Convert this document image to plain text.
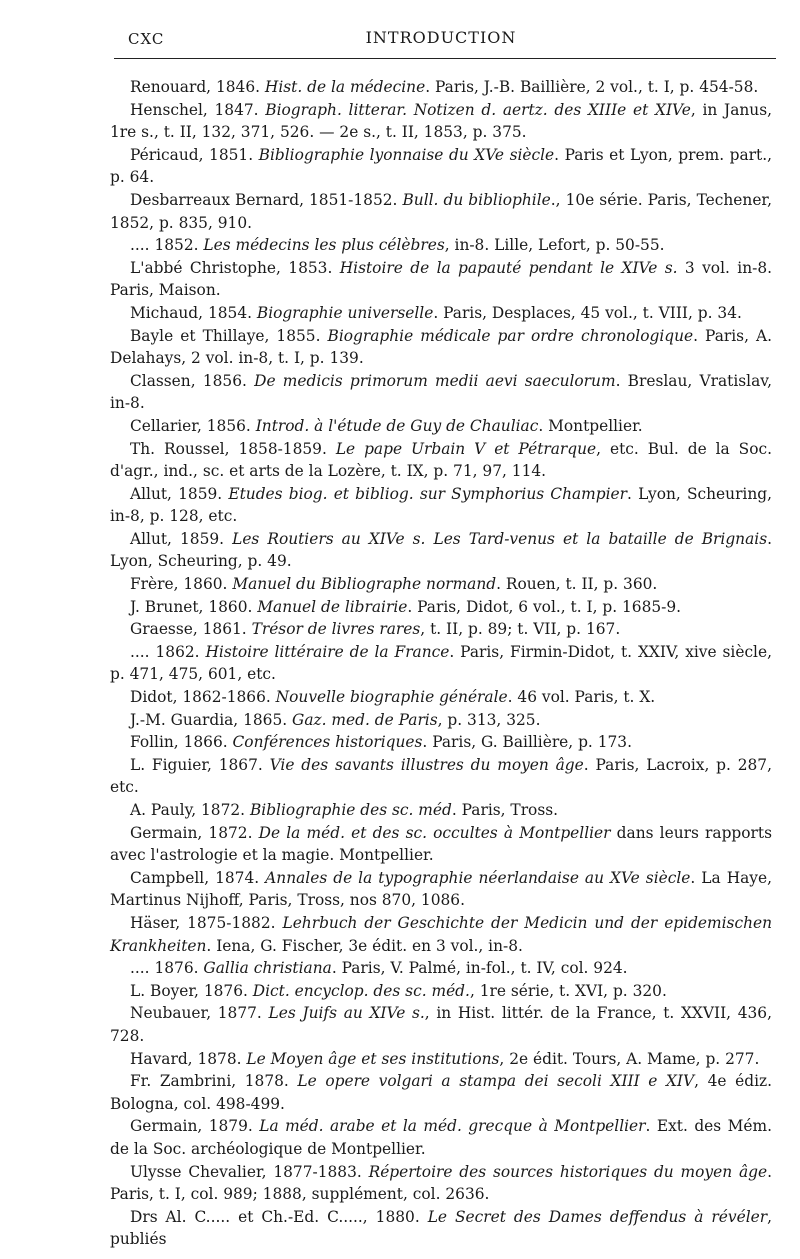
CXC	INTRODUCTION

Renouard, 1846. Hist. de la médecine. Paris, J.-B. Baillière, 2 vol., t. I, p. 454-58.

Henschel, 1847. Biograph. litterar. Notizen d. aertz. des XIIIe et XIVe, in Janus, 1re s., t. II, 132, 371, 526. — 2e s., t. II, 1853, p. 375.

Péricaud, 1851. Bibliographie lyonnaise du XVe siècle. Paris et Lyon, prem. part., p. 64.

Desbarreaux Bernard, 1851-1852. Bull. du bibliophile., 10e série. Paris, Techener, 1852, p. 835, 910.

.... 1852. Les médecins les plus célèbres, in-8. Lille, Lefort, p. 50-55.

L'abbé Christophe, 1853. Histoire de la papauté pendant le XIVe s. 3 vol. in-8. Paris, Maison.

Michaud, 1854. Biographie universelle. Paris, Desplaces, 45 vol., t. VIII, p. 34.

Bayle et Thillaye, 1855. Biographie médicale par ordre chronologique. Paris, A. Delahays, 2 vol. in-8, t. I, p. 139.

Classen, 1856. De medicis primorum medii aevi saeculorum. Breslau, Vratislav, in-8.

Cellarier, 1856. Introd. à l'étude de Guy de Chauliac. Montpellier.

Th. Roussel, 1858-1859. Le pape Urbain V et Pétrarque, etc. Bul. de la Soc. d'agr., ind., sc. et arts de la Lozère, t. IX, p. 71, 97, 114.

Allut, 1859. Etudes biog. et bibliog. sur Symphorius Champier. Lyon, Scheuring, in-8, p. 128, etc.

Allut, 1859. Les Routiers au XIVe s. Les Tard-venus et la bataille de Brignais. Lyon, Scheuring, p. 49.

Frère, 1860. Manuel du Bibliographe normand. Rouen, t. II, p. 360.

J. Brunet, 1860. Manuel de librairie. Paris, Didot, 6 vol., t. I, p. 1685-9.

Graesse, 1861. Trésor de livres rares, t. II, p. 89; t. VII, p. 167.

.... 1862. Histoire littéraire de la France. Paris, Firmin-Didot, t. XXIV, xive siècle, p. 471, 475, 601, etc.

Didot, 1862-1866. Nouvelle biographie générale. 46 vol. Paris, t. X.

J.-M. Guardia, 1865. Gaz. med. de Paris, p. 313, 325.

Follin, 1866. Conférences historiques. Paris, G. Baillière, p. 173.

L. Figuier, 1867. Vie des savants illustres du moyen âge. Paris, Lacroix, p. 287, etc.

A. Pauly, 1872. Bibliographie des sc. méd. Paris, Tross.

Germain, 1872. De la méd. et des sc. occultes à Montpellier dans leurs rapports avec l'astrologie et la magie. Montpellier.

Campbell, 1874. Annales de la typographie néerlandaise au XVe siècle. La Haye, Martinus Nijhoff, Paris, Tross, nos 870, 1086.

Häser, 1875-1882. Lehrbuch der Geschichte der Medicin und der epidemischen Krankheiten. Iena, G. Fischer, 3e édit. en 3 vol., in-8.

.... 1876. Gallia christiana. Paris, V. Palmé, in-fol., t. IV, col. 924.

L. Boyer, 1876. Dict. encyclop. des sc. méd., 1re série, t. XVI, p. 320.

Neubauer, 1877. Les Juifs au XIVe s., in Hist. littér. de la France, t. XXVII, 436, 728.

Havard, 1878. Le Moyen âge et ses institutions, 2e édit. Tours, A. Mame, p. 277.

Fr. Zambrini, 1878. Le opere volgari a stampa dei secoli XIII e XIV, 4e édiz. Bologna, col. 498-499.

Germain, 1879. La méd. arabe et la méd. grecque à Montpellier. Ext. des Mém. de la Soc. archéologique de Montpellier.

Ulysse Chevalier, 1877-1883. Répertoire des sources historiques du moyen âge. Paris, t. I, col. 989; 1888, supplément, col. 2636.

Drs Al. C..... et Ch.-Ed. C....., 1880. Le Secret des Dames deffendus à révéler, publiés
